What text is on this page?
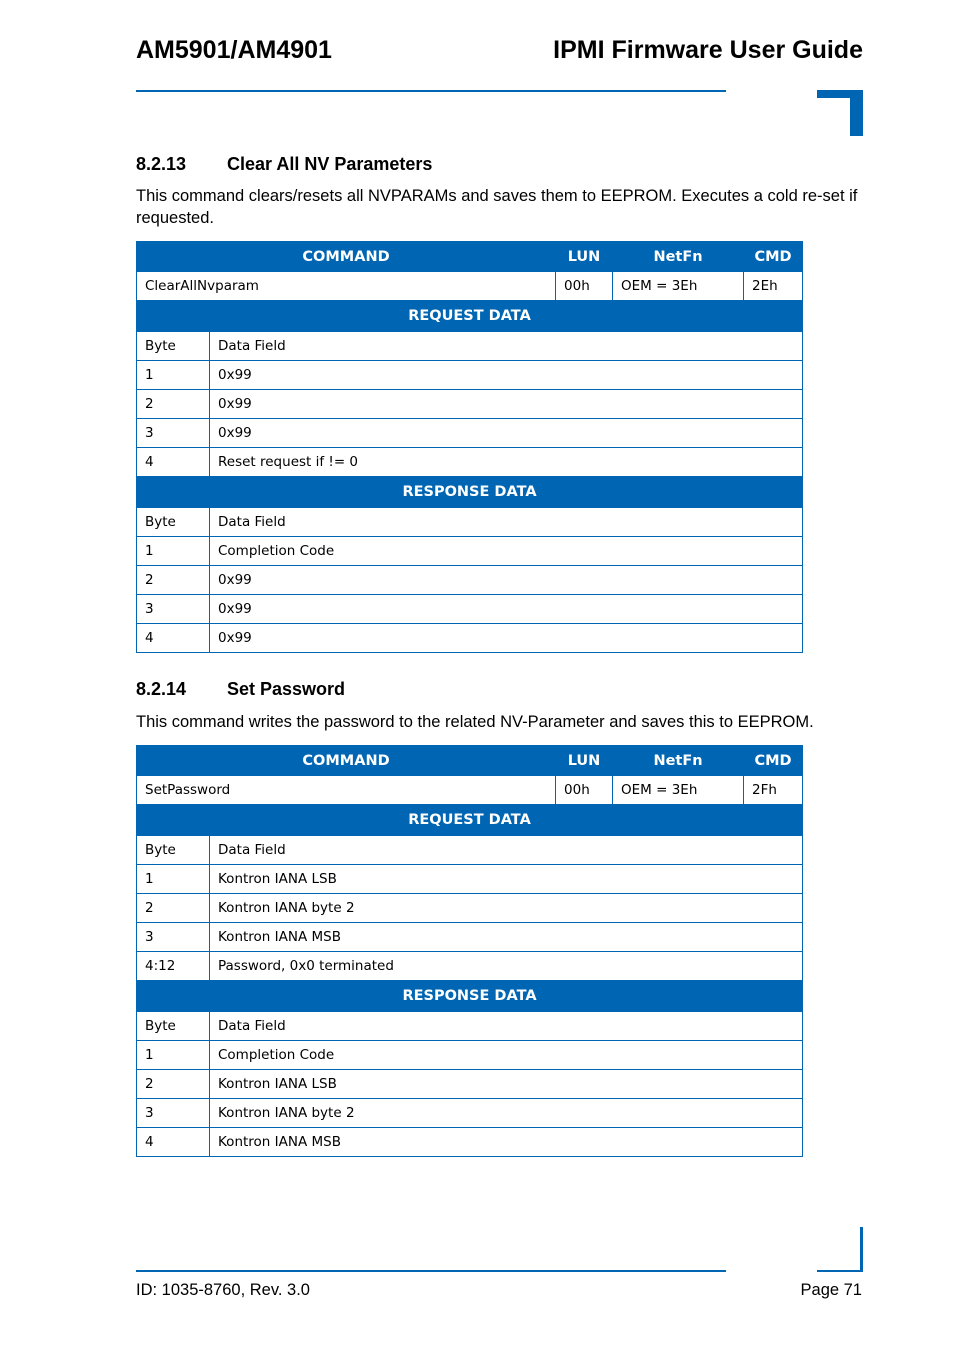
AM5901/AM4901	IPMI Firmware User Guide
8.2.13 Clear All NV Parameters
This command clears/resets all NVPARAMs and saves them to EEPROM. Executes a cold re-set if requested.
COMMAND		LUN	NetFn	CMD
ClearAllNvparam		00h	OEM = 3Eh	2Eh
REQUEST DATA				
Byte	Data Field			
1	0x99			
2	0x99			
3	0x99			
4	Reset request if != 0			
RESPONSE DATA				
Byte	Data Field			
1	Completion Code			
2	0x99			
3	0x99			
4	0x99			
8.2.14 Set Password
This command writes the password to the related NV-Parameter and saves this to EEPROM.
COMMAND		LUN	NetFn	CMD
SetPassword		00h	OEM = 3Eh	2Fh
REQUEST DATA				
Byte	Data Field			
1	Kontron IANA LSB			
2	Kontron IANA byte 2			
3	Kontron IANA MSB			
4:12	Password, 0x0 terminated			
RESPONSE DATA				
Byte	Data Field			
1	Completion Code			
2	Kontron IANA LSB			
3	Kontron IANA byte 2			
4	Kontron IANA MSB			
ID: 1035-8760, Rev. 3.0	Page 71
